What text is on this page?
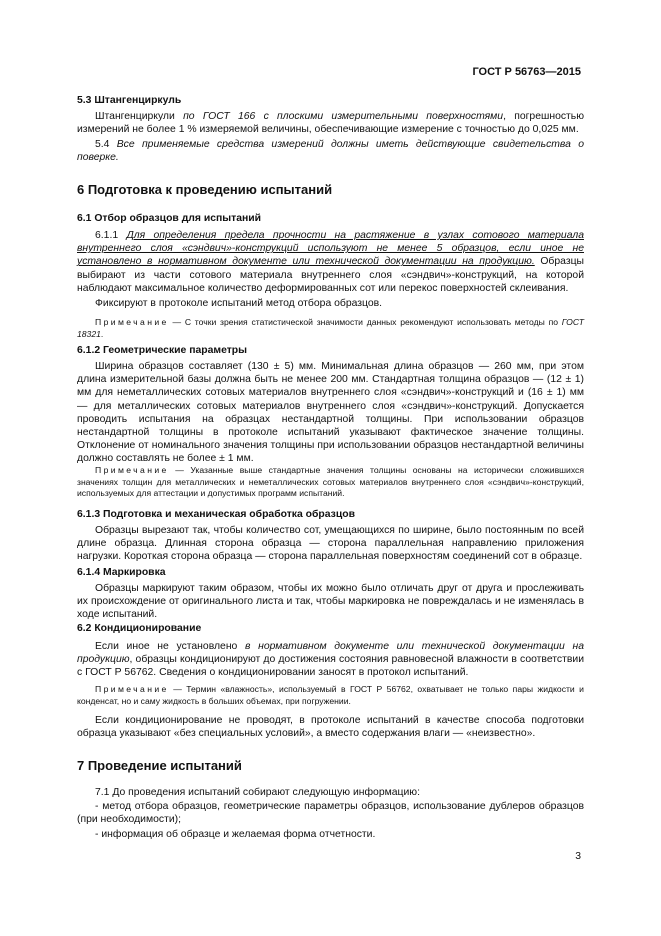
ГОСТ Р 56763—2015
5.3 Штангенциркуль

Штангенциркули по ГОСТ 166 с плоскими измерительными поверхностями, погрешностью измерений не более 1 % измеряемой величины, обеспечивающие измерение с точностью до 0,025 мм.

5.4 Все применяемые средства измерений должны иметь действующие свидетельства о поверке.

6 Подготовка к проведению испытаний
6.1 Отбор образцов для испытаний

6.1.1 Для определения предела прочности на растяжение в узлах сотового материала внутреннего слоя «сэндвич»-конструкций используют не менее 5 образцов, если иное не установлено в нормативном документе или технической документации на продукцию. Образцы выбирают из части сотового материала внутреннего слоя «сэндвич»-конструкций, на которой наблюдают максимальное количество деформированных сот или перекос поверхностей склеивания.

Фиксируют в протоколе испытаний метод отбора образцов.

Примечание — С точки зрения статистической значимости данных рекомендуют использовать методы по ГОСТ 18321.

6.1.2 Геометрические параметры

Ширина образцов составляет (130 ± 5) мм. Минимальная длина образцов — 260 мм, при этом длина измерительной базы должна быть не менее 200 мм. Стандартная толщина образцов — (12 ± 1) мм для неметаллических сотовых материалов внутреннего слоя «сэндвич»-конструкций и (16 ± 1) мм — для металлических сотовых материалов внутреннего слоя «сэндвич»-конструкций. Допускается проводить испытания на образцах нестандартной толщины. При использовании образцов нестандартной толщины в протоколе испытаний указывают фактическое значение толщины. Отклонение от номинального значения толщины при использовании образцов нестандартной величины должно составлять не более ± 1 мм.

Примечание — Указанные выше стандартные значения толщины основаны на исторически сложившихся значениях толщин для металлических и неметаллических сотовых материалов внутреннего слоя «сэндвич»-конструкций, используемых для аттестации и допустимых программ испытаний.

6.1.3 Подготовка и механическая обработка образцов

Образцы вырезают так, чтобы количество сот, умещающихся по ширине, было постоянным по всей длине образца. Длинная сторона образца — сторона параллельная направлению приложения нагрузки. Короткая сторона образца — сторона параллельная поверхностям соединений сот в образце.

6.1.4 Маркировка

Образцы маркируют таким образом, чтобы их можно было отличать друг от друга и прослеживать их происхождение от оригинального листа и так, чтобы маркировка не повреждалась и не изменялась в ходе испытаний.

6.2 Кондиционирование

Если иное не установлено в нормативном документе или технической документации на продукцию, образцы кондиционируют до достижения состояния равновесной влажности в соответствии с ГОСТ Р 56762. Сведения о кондиционировании заносят в протокол испытаний.

Примечание — Термин «влажность», используемый в ГОСТ Р 56762, охватывает не только пары жидкости и конденсат, но и саму жидкость в больших объемах, при погружении.

Если кондиционирование не проводят, в протоколе испытаний в качестве способа подготовки образца указывают «без специальных условий», а вместо содержания влаги — «неизвестно».

7 Проведение испытаний

7.1 До проведения испытаний собирают следующую информацию:

- метод отбора образцов, геометрические параметры образцов, использование дублеров образцов (при необходимости);

- информация об образце и желаемая форма отчетности.

3
